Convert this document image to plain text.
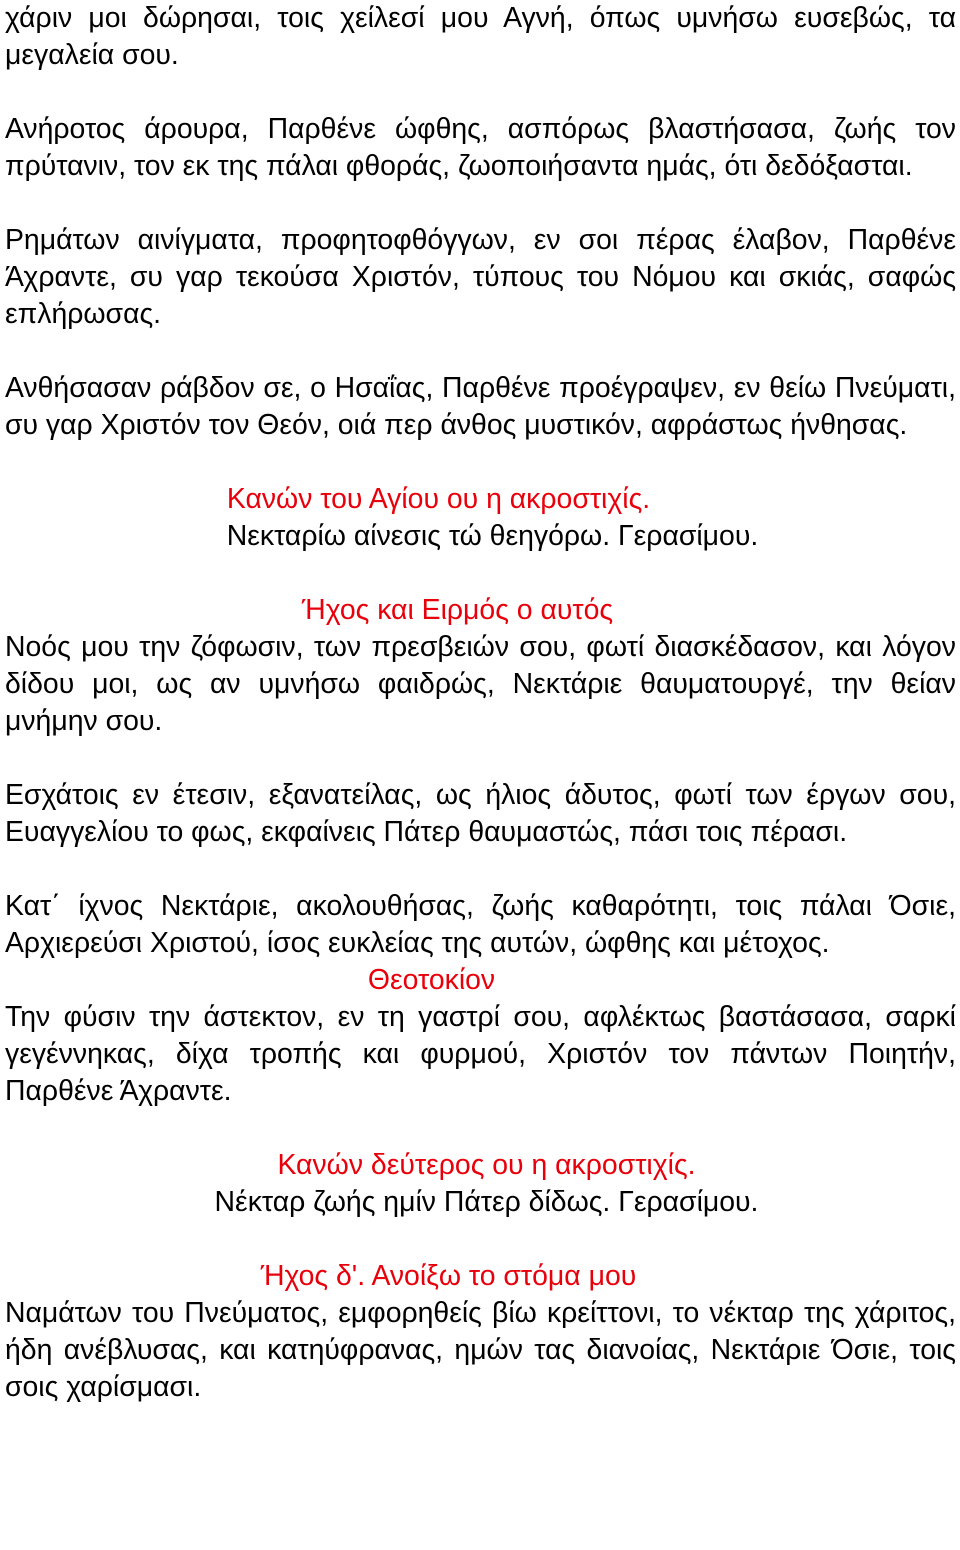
χάριν μοι δώρησαι, τοις χείλεσί μου Αγνή, όπως υμνήσω ευσεβώς, τα μεγαλεία σου.

Ανήροτος άρουρα, Παρθένε ώφθης, ασπόρως βλαστήσασα, ζωής τον πρύτανιν, τον εκ της πάλαι φθοράς, ζωοποιήσαντα ημάς, ότι δεδόξασται.

Ρημάτων αινίγματα, προφητοφθόγγων, εν σοι πέρας έλαβον, Παρθένε Άχραντε, συ γαρ τεκούσα Χριστόν, τύπους του Νόμου και σκιάς, σαφώς επλήρωσας.

Ανθήσασαν ράβδον σε, ο Ησαΐας, Παρθένε προέγραψεν, εν θείω Πνεύματι, συ γαρ Χριστόν τον Θεόν, οιά περ άνθος μυστικόν, αφράστως ήνθησας.

Κανών του Αγίου ου η ακροστιχίς.

Νεκταρίω αίνεσις τώ θεηγόρω. Γερασίμου.

Ήχος και Ειρμός ο αυτός

Νοός μου την ζόφωσιν, των πρεσβειών σου, φωτί διασκέδασον, και λόγον δίδου μοι, ως αν υμνήσω φαιδρώς, Νεκτάριε θαυματουργέ, την θείαν μνήμην σου.

Εσχάτοις εν έτεσιν, εξανατείλας, ως ήλιος άδυτος, φωτί των έργων σου, Ευαγγελίου το φως, εκφαίνεις Πάτερ θαυμαστώς, πάσι τοις πέρασι.

Κατ΄ ίχνος Νεκτάριε, ακολουθήσας, ζωής καθαρότητι, τοις πάλαι Όσιε, Αρχιερεύσι Χριστού, ίσος ευκλείας της αυτών, ώφθης και μέτοχος.

Θεοτοκίον

Την φύσιν την άστεκτον, εν τη γαστρί σου, αφλέκτως βαστάσασα, σαρκί γεγέννηκας, δίχα τροπής και φυρμού, Χριστόν τον πάντων Ποιητήν, Παρθένε Άχραντε.

Κανών δεύτερος ου η ακροστιχίς.

Νέκταρ ζωής ημίν Πάτερ δίδως. Γερασίμου.

Ήχος δ'. Ανοίξω το στόμα μου

Ναμάτων του Πνεύματος, εμφορηθείς βίω κρείττονι, το νέκταρ της χάριτος, ήδη ανέβλυσας, και κατηύφρανας, ημών τας διανοίας, Νεκτάριε Όσιε, τοις σοις χαρίσμασι.
